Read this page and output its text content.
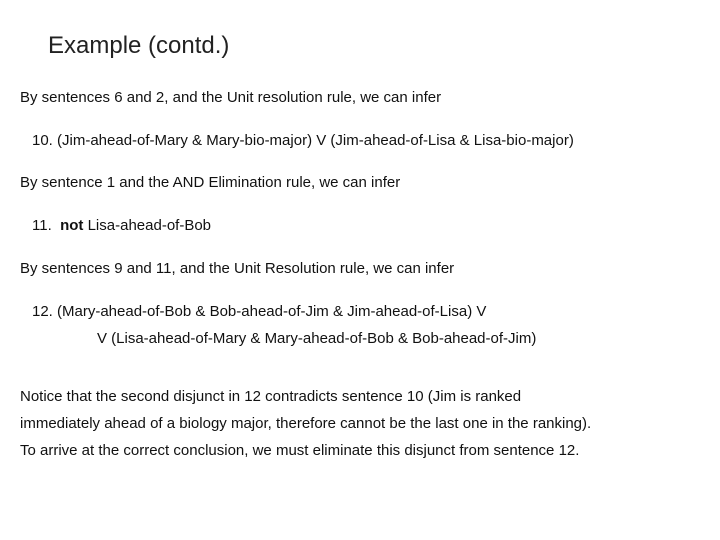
Example (contd.)
By sentences 6 and 2, and the Unit resolution rule, we can infer
10. (Jim-ahead-of-Mary & Mary-bio-major) V (Jim-ahead-of-Lisa & Lisa-bio-major)
By sentence 1 and the AND Elimination rule, we can infer
11. not Lisa-ahead-of-Bob
By sentences 9 and 11, and the Unit Resolution rule, we can infer
12. (Mary-ahead-of-Bob & Bob-ahead-of-Jim & Jim-ahead-of-Lisa) V
V (Lisa-ahead-of-Mary & Mary-ahead-of-Bob & Bob-ahead-of-Jim)
Notice that the second disjunct in 12 contradicts sentence 10 (Jim is ranked
immediately ahead of a biology major, therefore cannot be the last one in the ranking).
To arrive at the correct conclusion, we must eliminate this disjunct from sentence 12.
